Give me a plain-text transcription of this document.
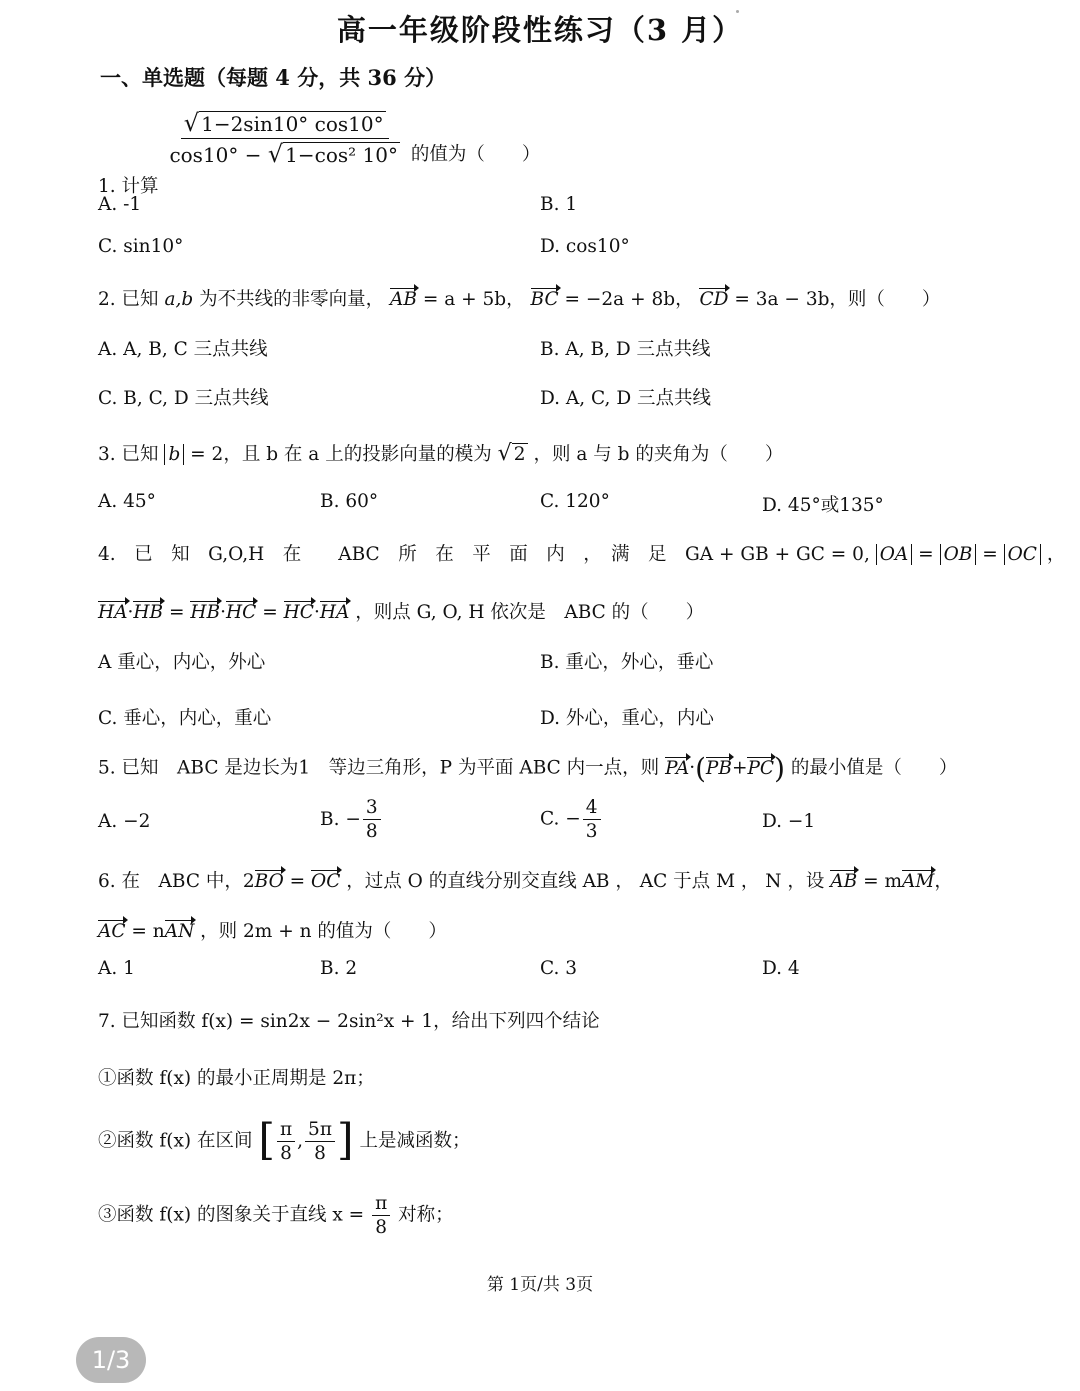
高一年级阶段性练习（3 月）
一、单选题（每题 4 分，共 36 分）
1. 计算
$\frac{√ 1-2\sin 10^\circ \cos 10^\circ}{\text{cos10° − √ 1−cos² 10°}}$ 的值为（　　）
A. -1	B. 1
C. sin10°	D. cos10°
2. 已知 a,b 为不共线的非零向量， AB = a + 5b， BC = −2a + 8b， CD = 3a − 3b，则（　　）
A. A, B, C 三点共线	B. A, B, D 三点共线
C. B, C, D 三点共线	D. A, C, D 三点共线
3. 已知 b = 2，且 b 在 a 上的投影向量的模为 √ 2 ，则 a 与 b 的夹角为（　　）
A. 45°	B. 60°	C. 120°	D. 45°或135°
4.　已　知　G,O,H　在　　ABC　所　在　平　面　内　，　满　足　GA + GB + GC = 0, OA = OB = OC ，
HA·HB = HB·HC = HC·HA ，则点 G, O, H 依次是　ABC 的（　　）
A 重心，内心，外心	B. 重心，外心，垂心
C. 垂心，内心，重心	D. 外心，重心，内心
5. 已知　ABC 是边长为1　等边三角形，P 为平面 ABC 内一点，则 PA·(PB+PC) 的最小值是（　　）
A. −2	B. − $\frac{3}{8}$	C. − $\frac{4}{3}$	D. −1
6. 在　ABC 中，2BO = OC ，过点 O 的直线分别交直线 AB ， AC 于点 M ， N ，设 AB = mAM，
AC = nAN ，则 2m + n 的值为（　　）
A. 1	B. 2	C. 3	D. 4
7. 已知函数 f(x) = sin2x − 2sin²x + 1，给出下列四个结论
①函数 f(x) 的最小正周期是 2π；
②函数 f(x) 在区间 [ $\frac{\pi}{8}$ , $\frac{5\pi}{8}$ ] 上是减函数；
③函数 f(x) 的图象关于直线 $x = \frac{\pi}{8}$ 对称；
第 1页/共 3页
1/3
